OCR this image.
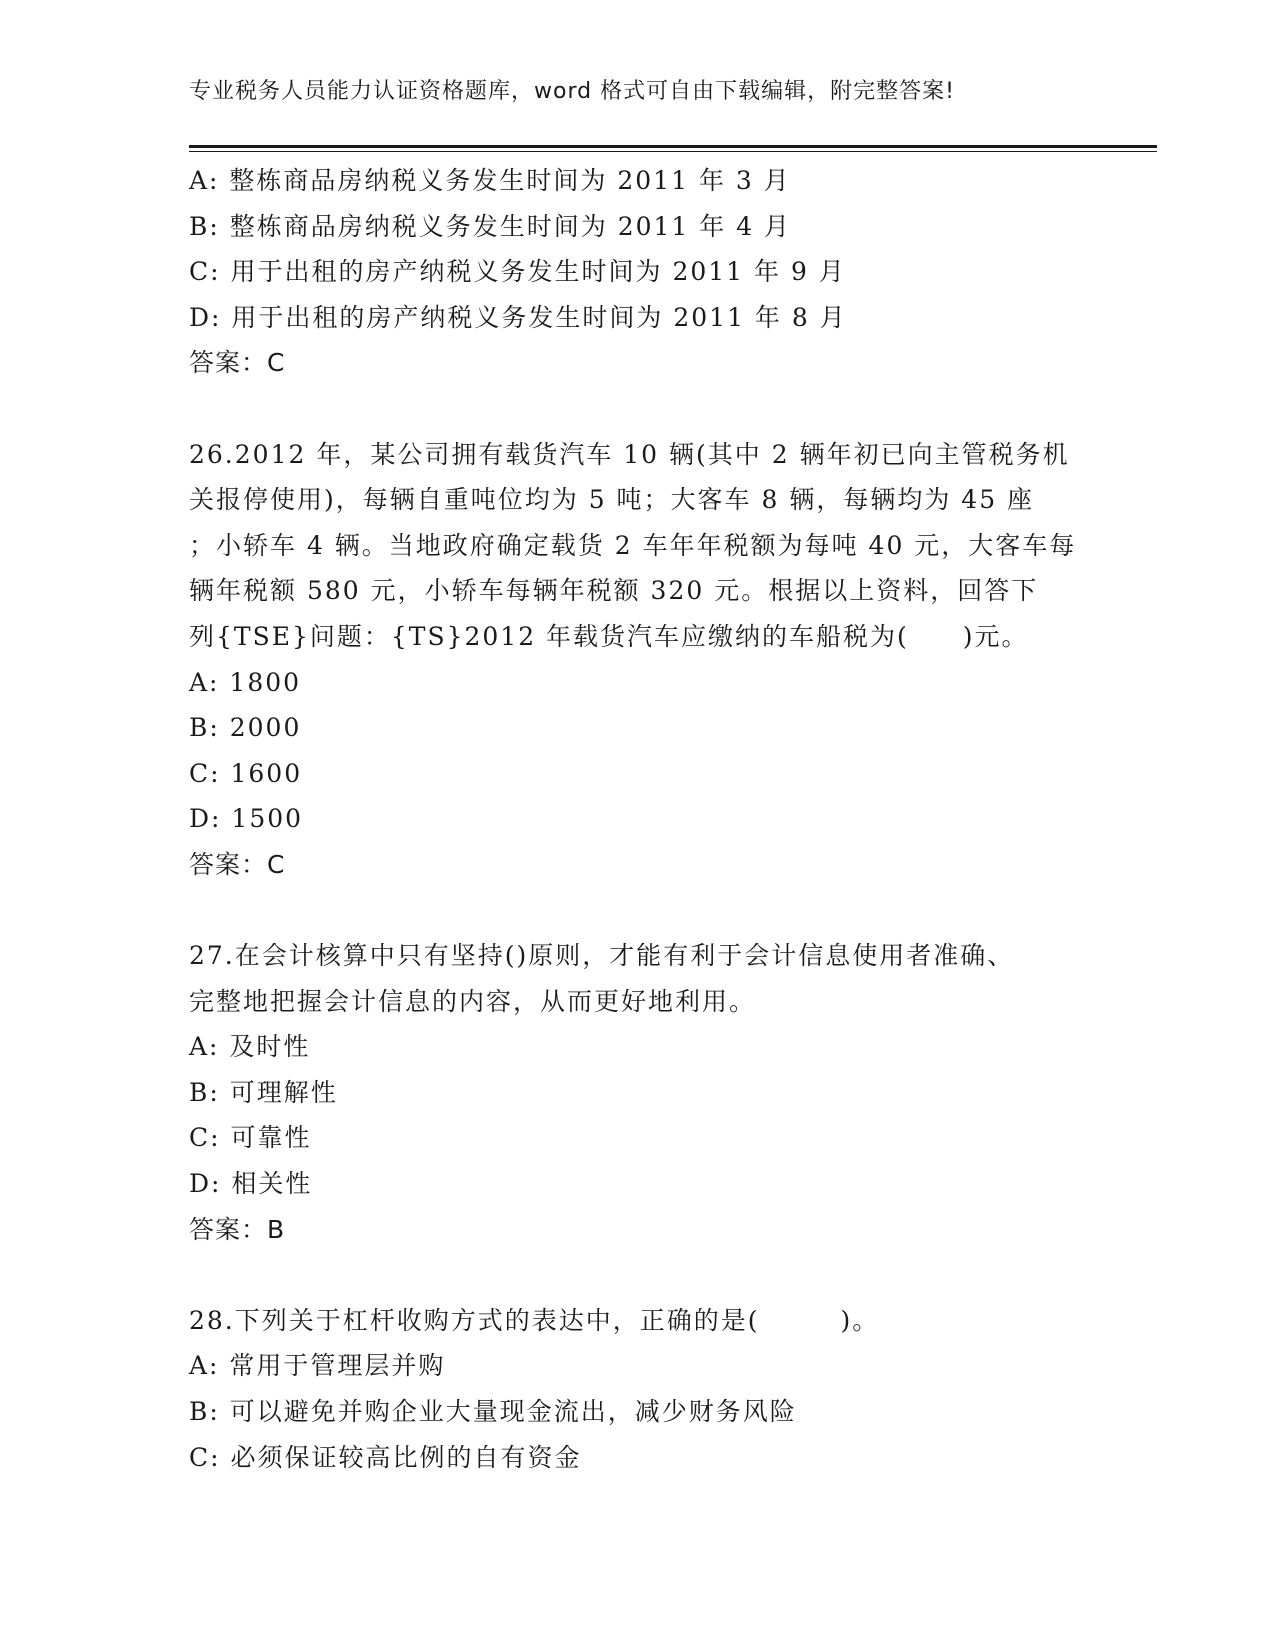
专业税务人员能力认证资格题库，word 格式可自由下载编辑，附完整答案!
A: 整栋商品房纳税义务发生时间为 2011 年 3 月
B: 整栋商品房纳税义务发生时间为 2011 年 4 月
C: 用于出租的房产纳税义务发生时间为 2011 年 9 月
D: 用于出租的房产纳税义务发生时间为 2011 年 8 月
答案：C
26.2012 年，某公司拥有载货汽车 10 辆(其中 2 辆年初已向主管税务机
关报停使用)，每辆自重吨位均为 5 吨；大客车 8 辆，每辆均为 45 座
；小轿车 4 辆。当地政府确定载货 2 车年年税额为每吨 40 元，大客车每
辆年税额 580 元，小轿车每辆年税额 320 元。根据以上资料，回答下
列{TSE}问题：{TS}2012 年载货汽车应缴纳的车船税为(　　)元。
A: 1800
B: 2000
C: 1600
D: 1500
答案：C
27.在会计核算中只有坚持()原则，才能有利于会计信息使用者准确、
完整地把握会计信息的内容，从而更好地利用。
A: 及时性
B: 可理解性
C: 可靠性
D: 相关性
答案：B
28.下列关于杠杆收购方式的表达中，正确的是(　　　)。
A: 常用于管理层并购
B: 可以避免并购企业大量现金流出，减少财务风险
C: 必须保证较高比例的自有资金
